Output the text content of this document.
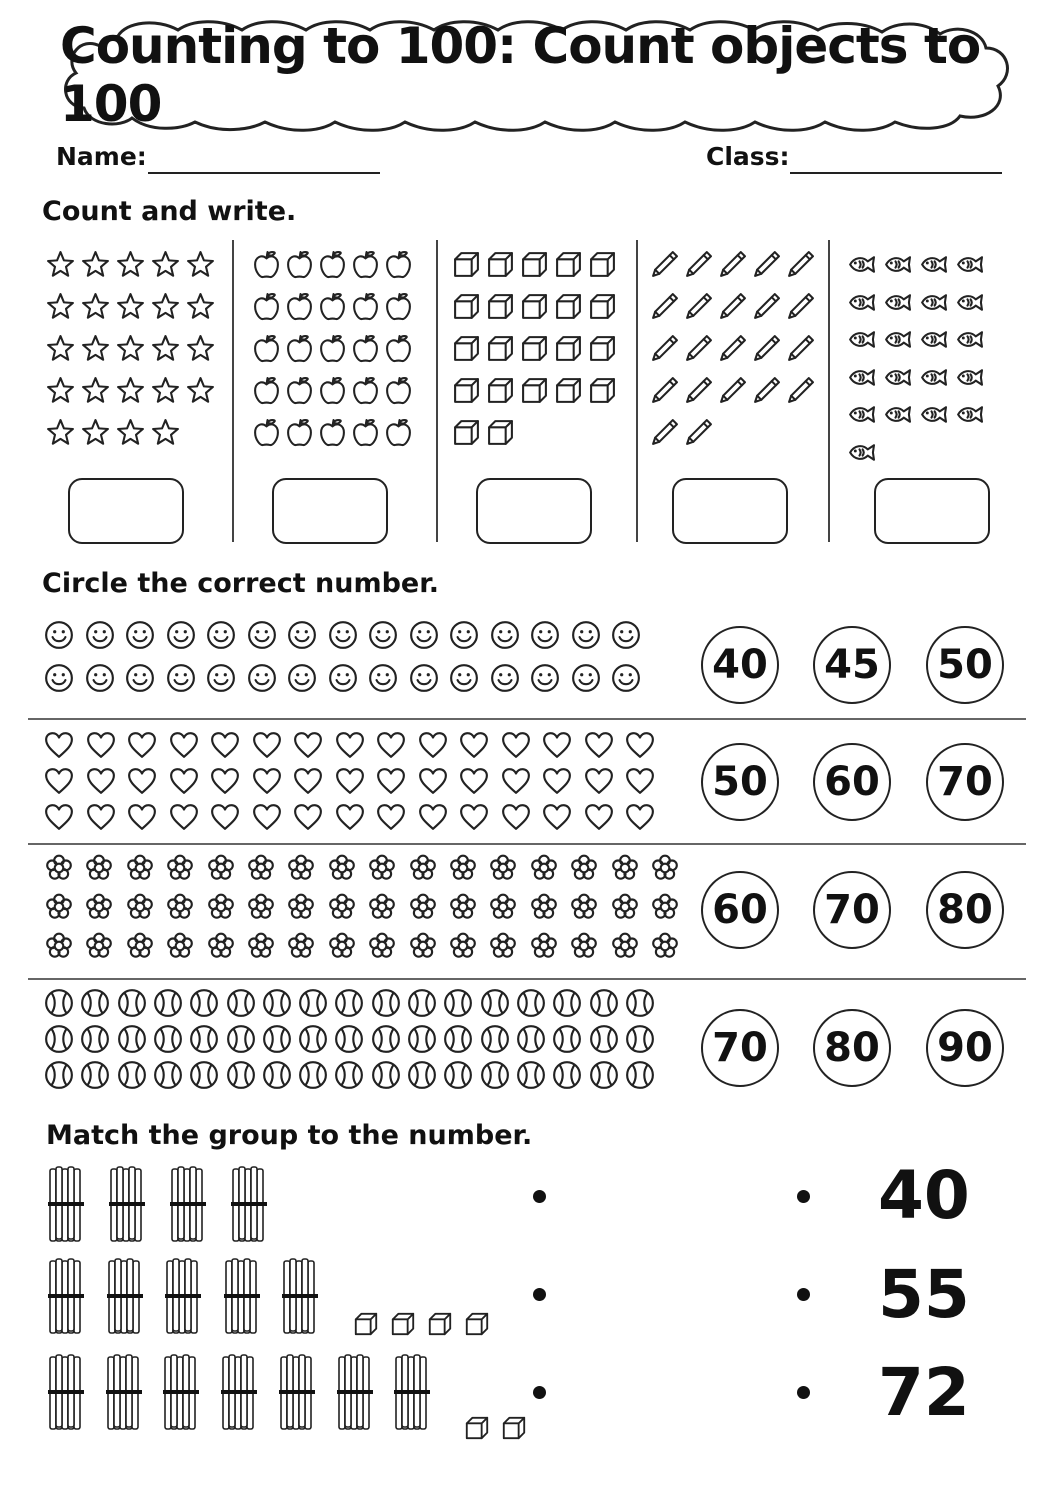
Counting to 100: Count objects to 100
Name:	Class:
Count and write.
Circle the correct number.
40 45 50
50 60 70
60 70 80
70 80 90
Match the group to the number.
40
55
72
